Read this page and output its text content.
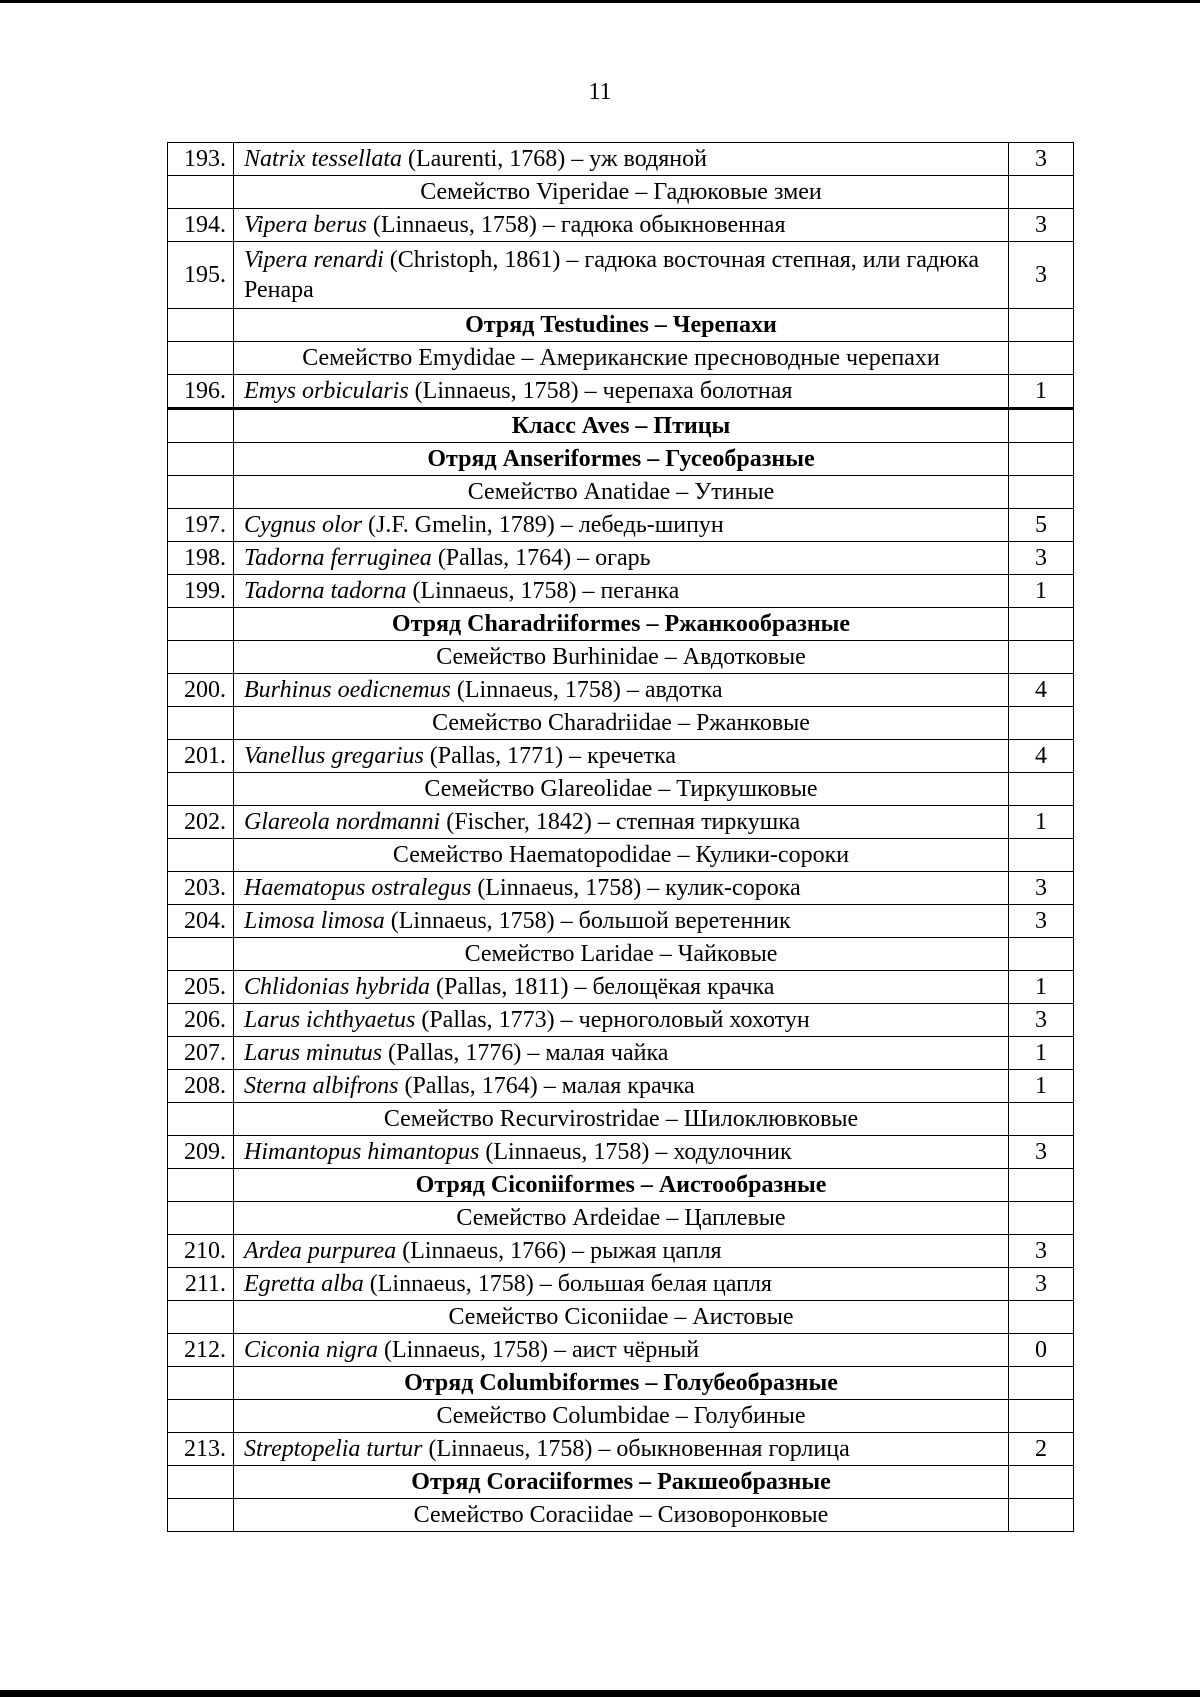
11
193.	Natrix tessellata (Laurenti, 1768) – уж водяной	3
	Семейство Viperidae – Гадюковые змеи	
194.	Vipera berus (Linnaeus, 1758) – гадюка обыкновенная	3
195.	Vipera renardi (Christoph, 1861) – гадюка восточная степная, или гадюка Ренара	3
	Отряд Testudines – Черепахи	
	Семейство Emydidae – Американские пресноводные черепахи	
196.	Emys orbicularis (Linnaeus, 1758) – черепаха болотная	1
	Класс Aves – Птицы	
	Отряд Anseriformes – Гусеобразные	
	Семейство Anatidae – Утиные	
197.	Cygnus olor (J.F. Gmelin, 1789) – лебедь-шипун	5
198.	Tadorna ferruginea (Pallas, 1764) – огарь	3
199.	Tadorna tadorna (Linnaeus, 1758) – пеганка	1
	Отряд Charadriiformes – Ржанкообразные	
	Семейство Burhinidae – Авдотковые	
200.	Burhinus oedicnemus (Linnaeus, 1758) – авдотка	4
	Семейство Charadriidae – Ржанковые	
201.	Vanellus gregarius (Pallas, 1771) – кречетка	4
	Семейство Glareolidae – Тиркушковые	
202.	Glareola nordmanni (Fischer, 1842) – степная тиркушка	1
	Семейство Haematopodidae – Кулики-сороки	
203.	Haematopus ostralegus (Linnaeus, 1758) – кулик-сорока	3
204.	Limosa limosa (Linnaeus, 1758) – большой веретенник	3
	Семейство Laridae – Чайковые	
205.	Chlidonias hybrida (Pallas, 1811) – белощёкая крачка	1
206.	Larus ichthyaetus (Pallas, 1773) – черноголовый хохотун	3
207.	Larus minutus (Pallas, 1776) – малая чайка	1
208.	Sterna albifrons (Pallas, 1764) – малая крачка	1
	Семейство Recurvirostridae – Шилоклювковые	
209.	Himantopus himantopus (Linnaeus, 1758) – ходулочник	3
	Отряд Ciconiiformes – Аистообразные	
	Семейство Ardeidae – Цаплевые	
210.	Ardea purpurea (Linnaeus, 1766) – рыжая цапля	3
211.	Egretta alba (Linnaeus, 1758) – большая белая цапля	3
	Семейство Ciconiidae – Аистовые	
212.	Ciconia nigra (Linnaeus, 1758) – аист чёрный	0
	Отряд Columbiformes – Голубеобразные	
	Семейство Columbidae – Голубиные	
213.	Streptopelia turtur (Linnaeus, 1758) – обыкновенная горлица	2
	Отряд Coraciiformes – Ракшеобразные	
	Семейство Coraciidae – Сизоворонковые	
